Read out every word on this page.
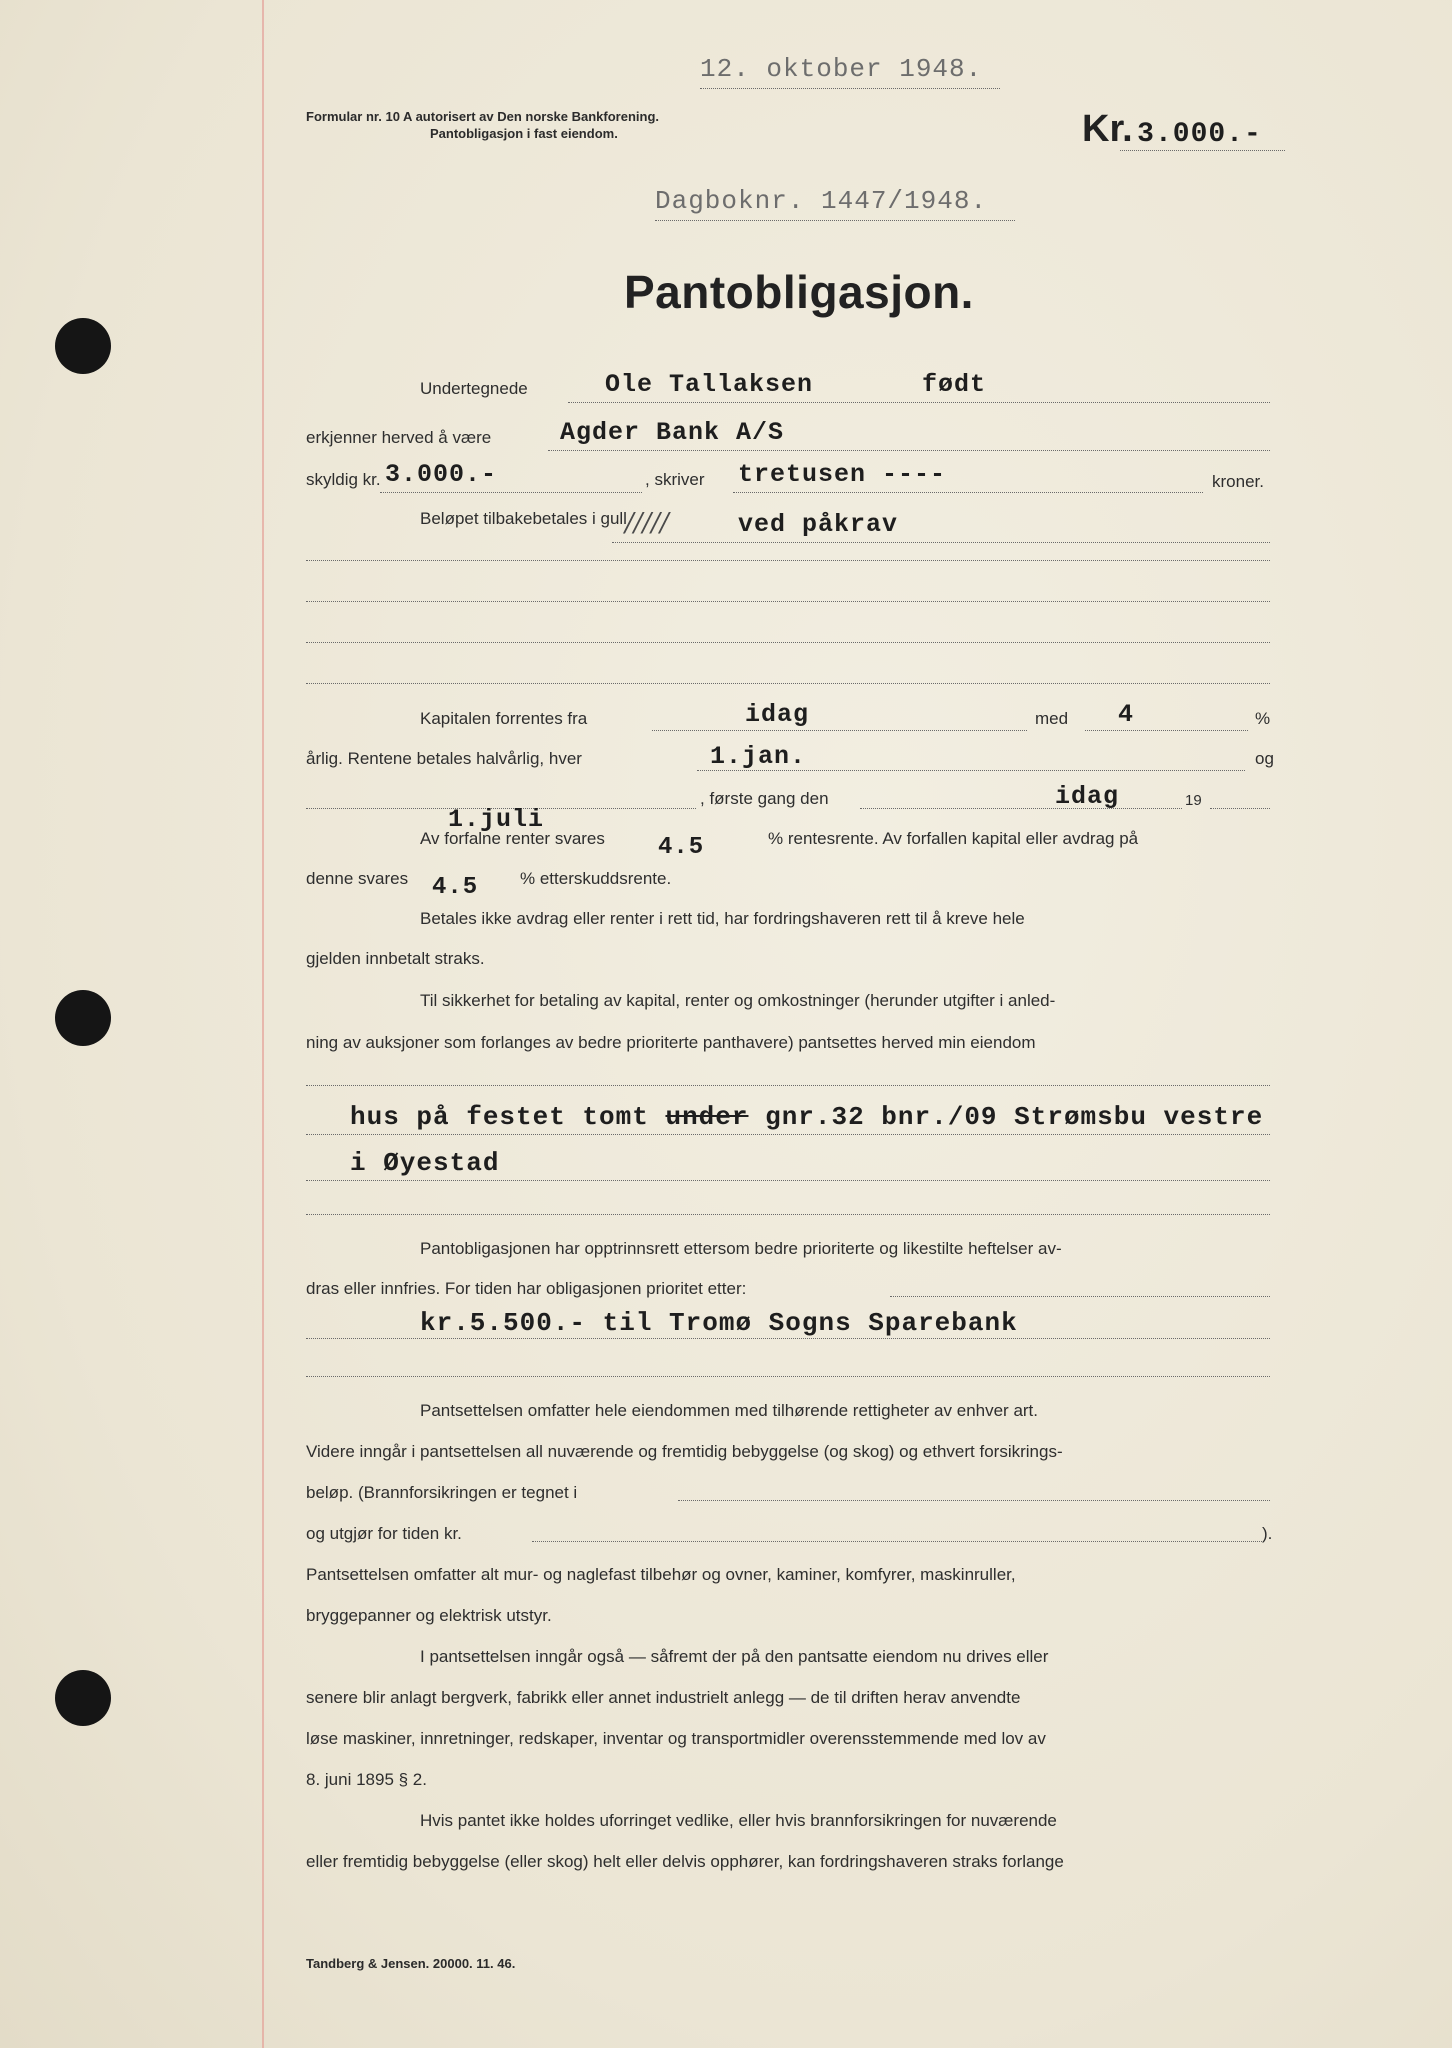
12. oktober 1948.
Formular nr. 10 A autorisert av Den norske Bankforening.
Pantobligasjon i fast eiendom.	Kr. 3.000.-
Dagboknr. 1447/1948.
Pantobligasjon.
Undertegnede	Ole Tallaksen	født
erkjenner herved å være	Agder Bank A/S
skyldig kr. 3.000.-	, skriver tretusen ----	kroner.
Beløpet tilbakebetales i gull
/////	ved påkrav
Kapitalen forrentes fra	idag	med 4	%
årlig. Rentene betales halvårlig, hver	1.jan.	og
, første gang den	idag	19
1.juli
Av forfalne renter svares 4.5	% rentesrente. Av forfallen kapital eller avdrag på
denne svares 4.5 % etterskuddsrente.
Betales ikke avdrag eller renter i rett tid, har fordringshaveren rett til å kreve hele
gjelden innbetalt straks.
Til sikkerhet for betaling av kapital, renter og omkostninger (herunder utgifter i anled-
ning av auksjoner som forlanges av bedre prioriterte panthavere) pantsettes herved min eiendom
hus på festet tomt under gnr.32 bnr./09 Strømsbu vestre
i Øyestad
Pantobligasjonen har opptrinnsrett ettersom bedre prioriterte og likestilte heftelser av-
dras eller innfries. For tiden har obligasjonen prioritet etter:
kr.5.500.- til Tromø Sogns Sparebank
Pantsettelsen omfatter hele eiendommen med tilhørende rettigheter av enhver art.
Videre inngår i pantsettelsen all nuværende og fremtidig bebyggelse (og skog) og ethvert forsikrings-
beløp. (Brannforsikringen er tegnet i
og utgjør for tiden kr.	).
Pantsettelsen omfatter alt mur- og naglefast tilbehør og ovner, kaminer, komfyrer, maskinruller,
bryggepanner og elektrisk utstyr.
I pantsettelsen inngår også — såfremt der på den pantsatte eiendom nu drives eller
senere blir anlagt bergverk, fabrikk eller annet industrielt anlegg — de til driften herav anvendte
løse maskiner, innretninger, redskaper, inventar og transportmidler overensstemmende med lov av
8. juni 1895 § 2.
Hvis pantet ikke holdes uforringet vedlike, eller hvis brannforsikringen for nuværende
eller fremtidig bebyggelse (eller skog) helt eller delvis opphører, kan fordringshaveren straks forlange
Tandberg & Jensen. 20000. 11. 46.
